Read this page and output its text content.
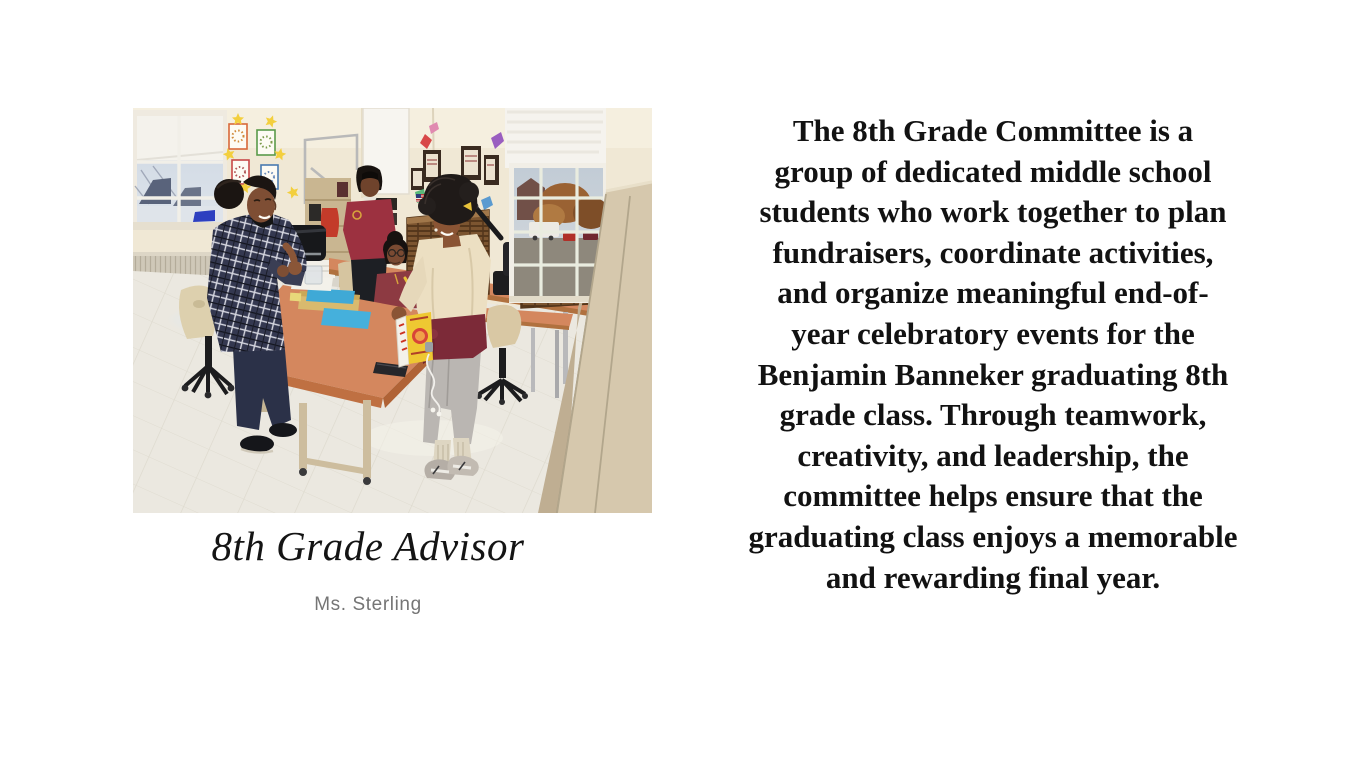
8th Grade Advisor
Ms. Sterling
The 8th Grade Committee is a
group of dedicated middle school
students who work together to plan
fundraisers, coordinate activities,
and organize meaningful end-of-
year celebratory events for the
Benjamin Banneker graduating 8th
grade class. Through teamwork,
creativity, and leadership, the
committee helps ensure that the
graduating class enjoys a memorable
and rewarding final year.
